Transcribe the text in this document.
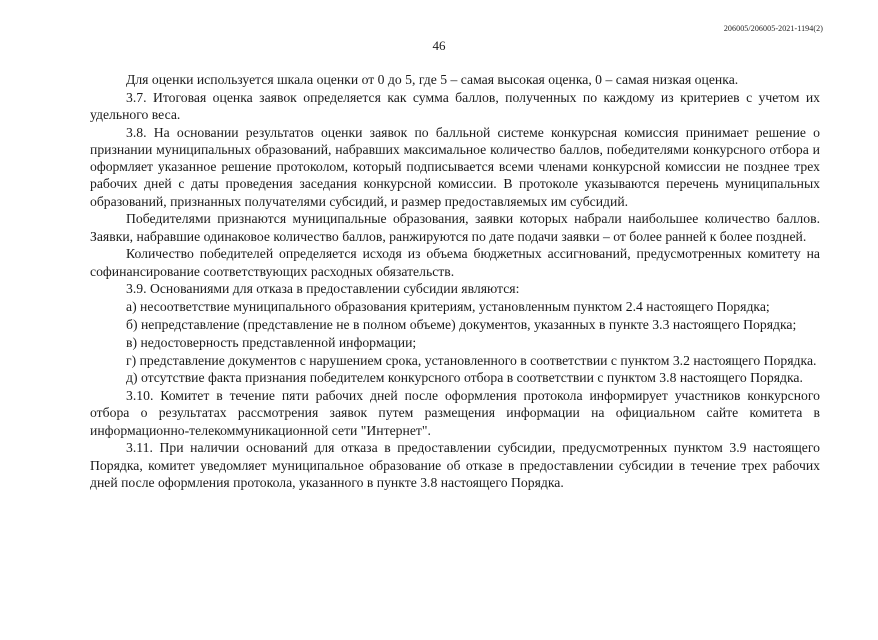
206005/206005-2021-1194(2)
46

Для оценки используется шкала оценки от 0 до 5, где 5 – самая высокая оценка, 0 – самая низкая оценка.

3.7. Итоговая оценка заявок определяется как сумма баллов, полученных по каждому из критериев с учетом их удельного веса.

3.8. На основании результатов оценки заявок по балльной системе конкурсная комиссия принимает решение о признании муниципальных образований, набравших максимальное количество баллов, победителями конкурсного отбора и оформляет указанное решение протоколом, который подписывается всеми членами конкурсной комиссии не позднее трех рабочих дней с даты проведения заседания конкурсной комиссии. В протоколе указываются перечень муниципальных образований, признанных получателями субсидий, и размер предоставляемых им субсидий.

Победителями признаются муниципальные образования, заявки которых набрали наибольшее количество баллов. Заявки, набравшие одинаковое количество баллов, ранжируются по дате подачи заявки – от более ранней к более поздней.

Количество победителей определяется исходя из объема бюджетных ассигнований, предусмотренных комитету на софинансирование соответствующих расходных обязательств.

3.9. Основаниями для отказа в предоставлении субсидии являются:

а) несоответствие муниципального образования критериям, установленным пунктом 2.4 настоящего Порядка;

б) непредставление (представление не в полном объеме) документов, указанных в пункте 3.3 настоящего Порядка;

в) недостоверность представленной информации;

г) представление документов с нарушением срока, установленного в соответствии с пунктом 3.2 настоящего Порядка.

д) отсутствие факта признания победителем конкурсного отбора в соответствии с пунктом 3.8 настоящего Порядка.

3.10. Комитет в течение пяти рабочих дней после оформления протокола информирует участников конкурсного отбора о результатах рассмотрения заявок путем размещения информации на официальном сайте комитета в информационно-телекоммуникационной сети "Интернет".

3.11. При наличии оснований для отказа в предоставлении субсидии, предусмотренных пунктом 3.9 настоящего Порядка, комитет уведомляет муниципальное образование об отказе в предоставлении субсидии в течение трех рабочих дней после оформления протокола, указанного в пункте 3.8 настоящего Порядка.
